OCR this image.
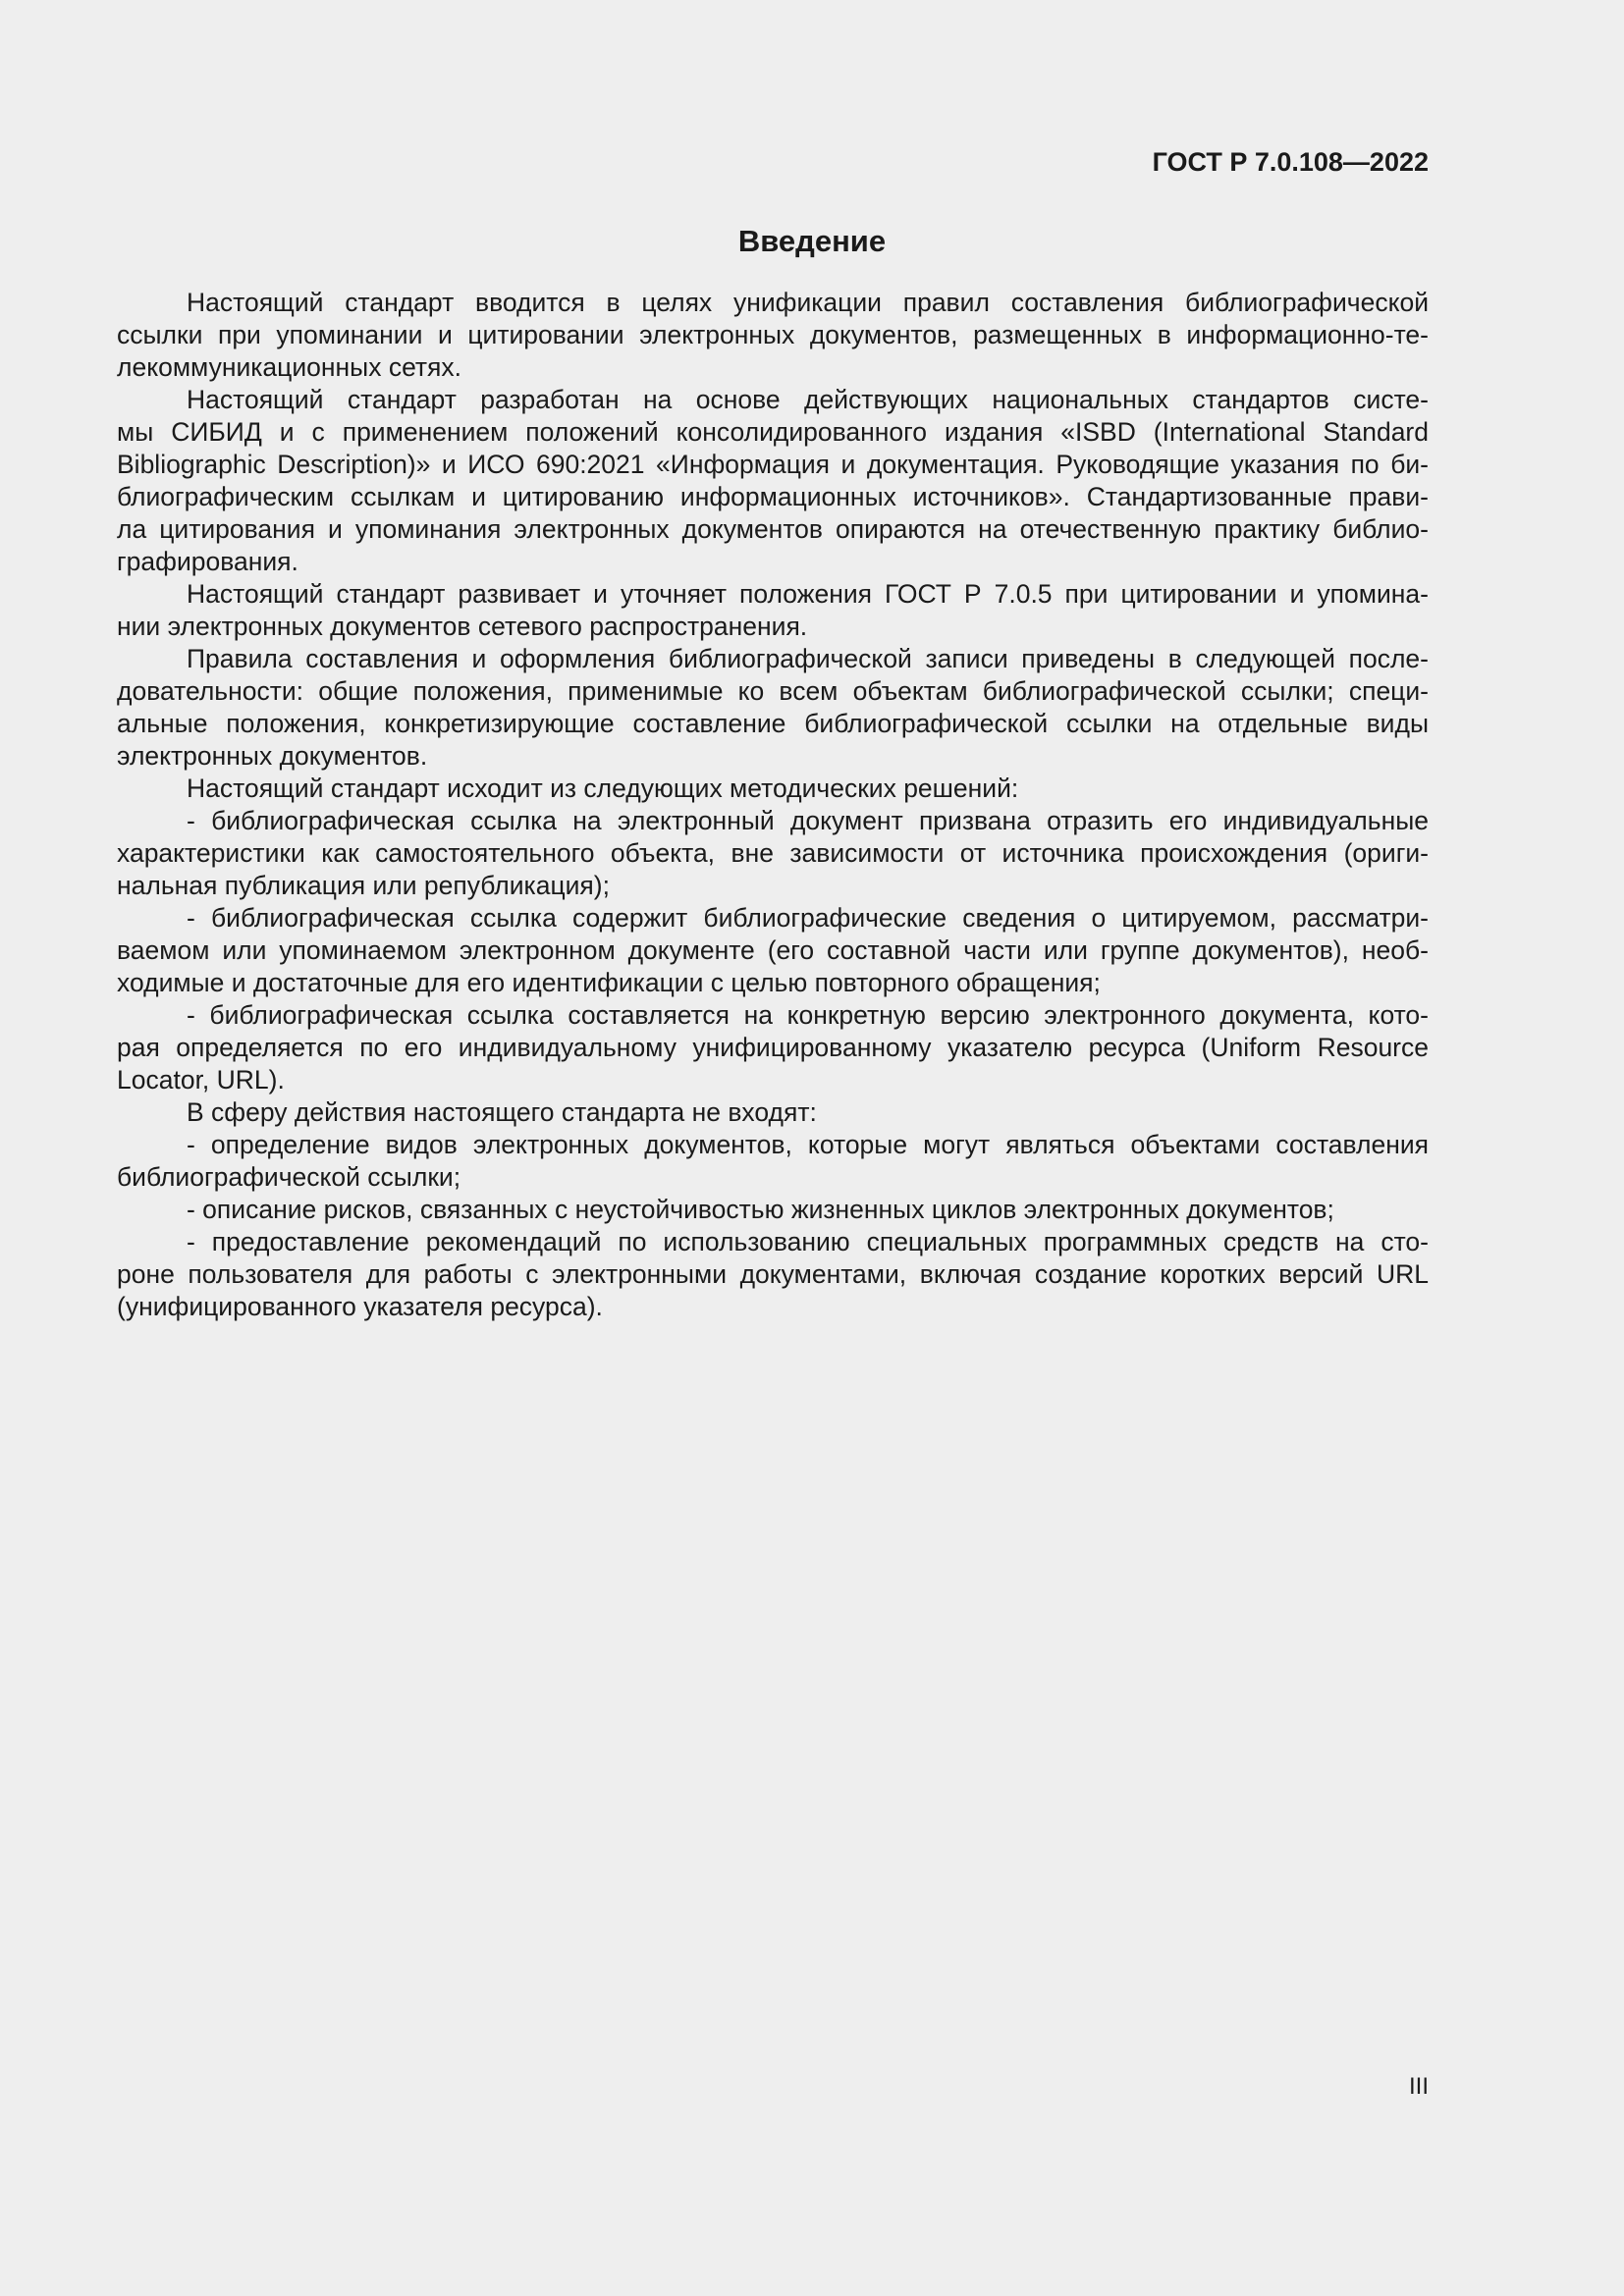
ГОСТ Р 7.0.108—2022
Введение
Настоящий стандарт вводится в целях унификации правил составления библиографической
ссылки при упоминании и цитировании электронных документов, размещенных в информационно-те-
лекоммуникационных сетях.
Настоящий стандарт разработан на основе действующих национальных стандартов систе-
мы СИБИД и с применением положений консолидированного издания «ISBD (International Standard
Bibliographic Description)» и ИСО 690:2021 «Информация и документация. Руководящие указания по би-
блиографическим ссылкам и цитированию информационных источников». Стандартизованные прави-
ла цитирования и упоминания электронных документов опираются на отечественную практику библио-
графирования.
Настоящий стандарт развивает и уточняет положения ГОСТ Р 7.0.5 при цитировании и упомина-
нии электронных документов сетевого распространения.
Правила составления и оформления библиографической записи приведены в следующей после-
довательности: общие положения, применимые ко всем объектам библиографической ссылки; специ-
альные положения, конкретизирующие составление библиографической ссылки на отдельные виды
электронных документов.
Настоящий стандарт исходит из следующих методических решений:
- библиографическая ссылка на электронный документ призвана отразить его индивидуальные
характеристики как самостоятельного объекта, вне зависимости от источника происхождения (ориги-
нальная публикация или републикация);
- библиографическая ссылка содержит библиографические сведения о цитируемом, рассматри-
ваемом или упоминаемом электронном документе (его составной части или группе документов), необ-
ходимые и достаточные для его идентификации с целью повторного обращения;
- библиографическая ссылка составляется на конкретную версию электронного документа, кото-
рая определяется по его индивидуальному унифицированному указателю ресурса (Uniform Resource
Locator, URL).
В сферу действия настоящего стандарта не входят:
- определение видов электронных документов, которые могут являться объектами составления
библиографической ссылки;
- описание рисков, связанных с неустойчивостью жизненных циклов электронных документов;
- предоставление рекомендаций по использованию специальных программных средств на сто-
роне пользователя для работы с электронными документами, включая создание коротких версий URL
(унифицированного указателя ресурса).
III
